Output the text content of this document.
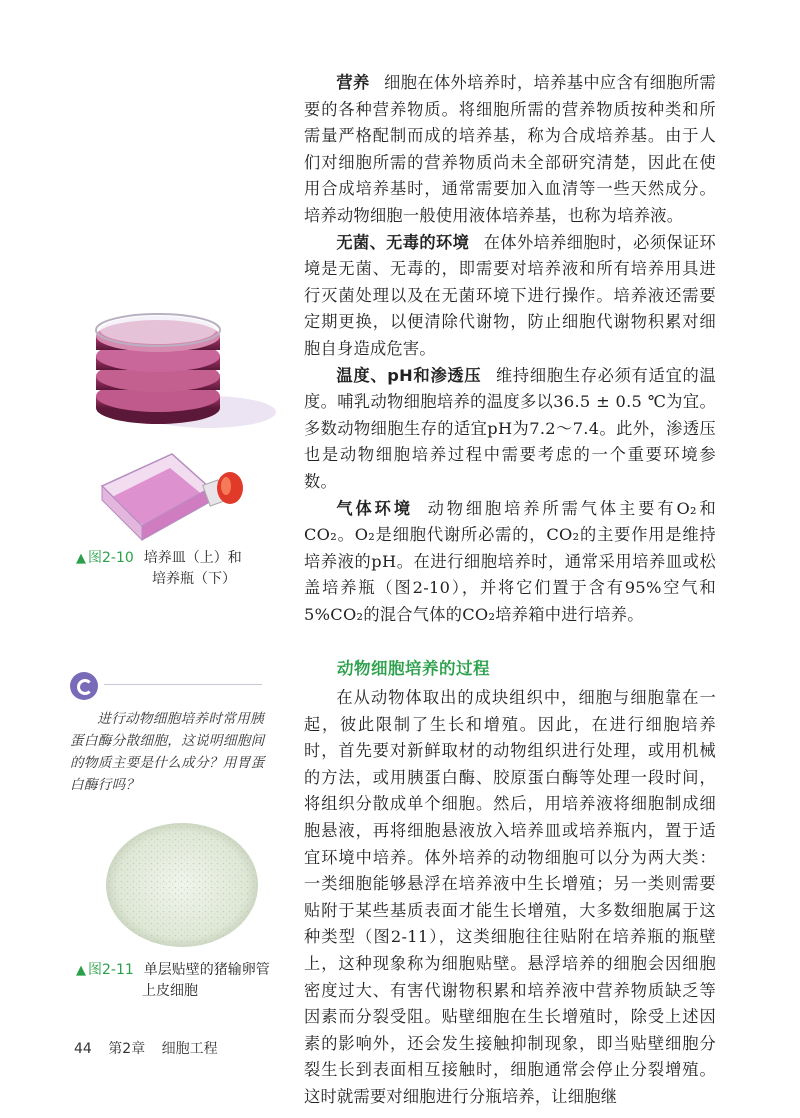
营养 细胞在体外培养时，培养基中应含有细胞所需要的各种营养物质。将细胞所需的营养物质按种类和所需量严格配制而成的培养基，称为合成培养基。由于人们对细胞所需的营养物质尚未全部研究清楚，因此在使用合成培养基时，通常需要加入血清等一些天然成分。培养动物细胞一般使用液体培养基，也称为培养液。

无菌、无毒的环境 在体外培养细胞时，必须保证环境是无菌、无毒的，即需要对培养液和所有培养用具进行灭菌处理以及在无菌环境下进行操作。培养液还需要定期更换，以便清除代谢物，防止细胞代谢物积累对细胞自身造成危害。

温度、pH和渗透压 维持细胞生存必须有适宜的温度。哺乳动物细胞培养的温度多以36.5 ± 0.5 ℃为宜。多数动物细胞生存的适宜pH为7.2～7.4。此外，渗透压也是动物细胞培养过程中需要考虑的一个重要环境参数。

气体环境 动物细胞培养所需气体主要有O₂和CO₂。O₂是细胞代谢所必需的，CO₂的主要作用是维持培养液的pH。在进行细胞培养时，通常采用培养皿或松盖培养瓶（图2-10），并将它们置于含有95%空气和5%CO₂的混合气体的CO₂培养箱中进行培养。

动物细胞培养的过程

在从动物体取出的成块组织中，细胞与细胞靠在一起，彼此限制了生长和增殖。因此，在进行细胞培养时，首先要对新鲜取材的动物组织进行处理，或用机械的方法，或用胰蛋白酶、胶原蛋白酶等处理一段时间，将组织分散成单个细胞。然后，用培养液将细胞制成细胞悬液，再将细胞悬液放入培养皿或培养瓶内，置于适宜环境中培养。体外培养的动物细胞可以分为两大类：一类细胞能够悬浮在培养液中生长增殖；另一类则需要贴附于某些基质表面才能生长增殖，大多数细胞属于这种类型（图2-11），这类细胞往往贴附在培养瓶的瓶壁上，这种现象称为细胞贴壁。悬浮培养的细胞会因细胞密度过大、有害代谢物积累和培养液中营养物质缺乏等因素而分裂受阻。贴壁细胞在生长增殖时，除受上述因素的影响外，还会发生接触抑制现象，即当贴壁细胞分裂生长到表面相互接触时，细胞通常会停止分裂增殖。这时就需要对细胞进行分瓶培养，让细胞继

▲ 图2-10 培养皿（上）和
培养瓶（下）
进行动物细胞培养时常用胰蛋白酶分散细胞，这说明细胞间的物质主要是什么成分？用胃蛋白酶行吗？
▲ 图2-11 单层贴壁的猪输卵管
上皮细胞
44 第2章 细胞工程
